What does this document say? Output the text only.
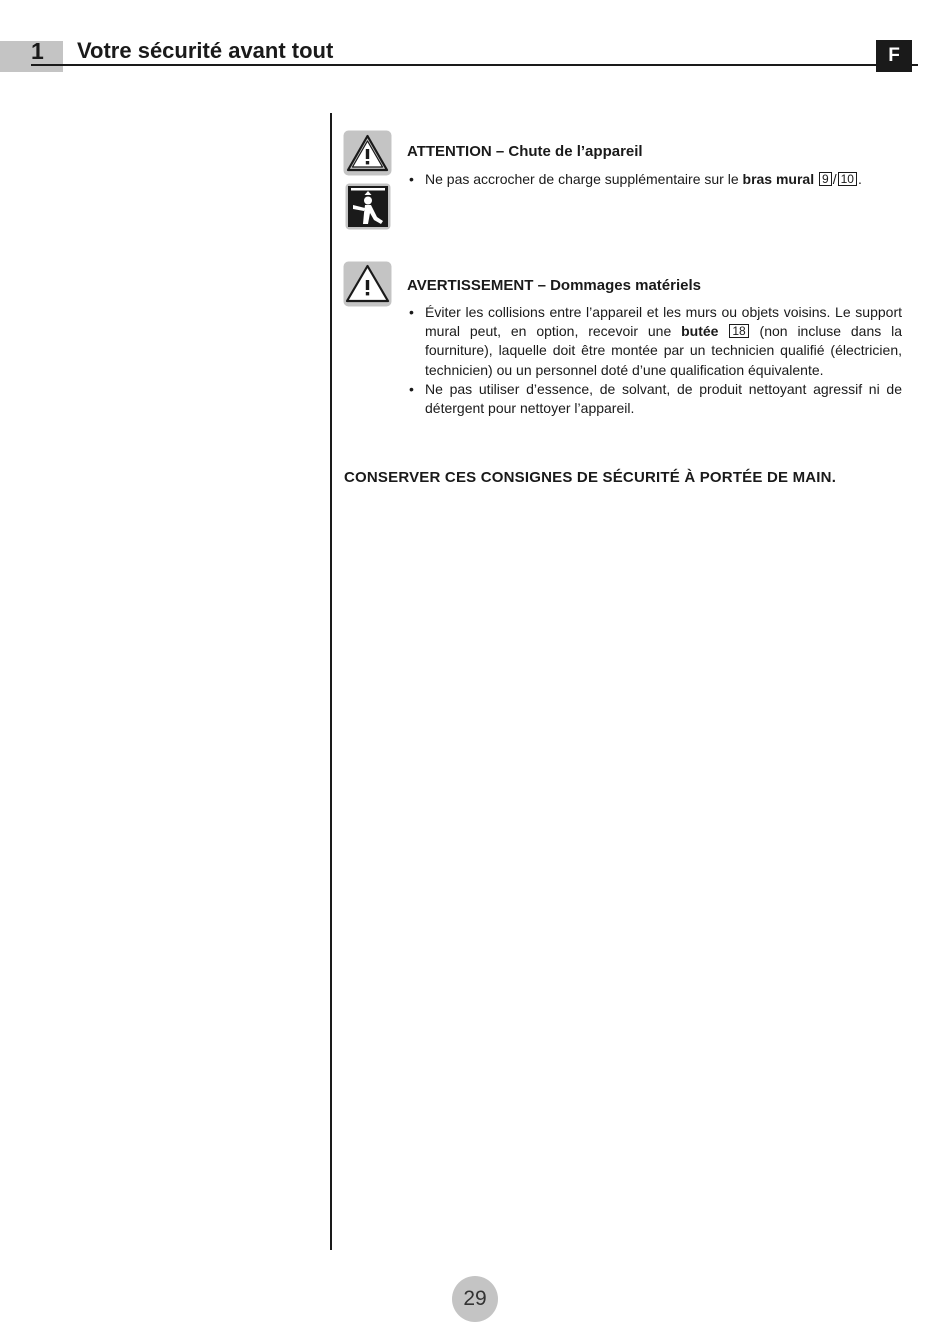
1 Votre sécurité avant tout	F
ATTENTION – Chute de l’appareil
• Ne pas accrocher de charge supplémentaire sur le bras mural 9 / 10 .
AVERTISSEMENT – Dommages matériels
• Éviter les collisions entre l’appareil et les murs ou objets voisins. Le support mural peut, en option, recevoir une butée 18 (non incluse dans la fourniture), laquelle doit être montée par un technicien qualifié (électricien, technicien) ou un personnel doté d’une qualification équivalente.
• Ne pas utiliser d’essence, de solvant, de produit nettoyant agressif ni de détergent pour nettoyer l’appareil.
CONSERVER CES CONSIGNES DE SÉCURITÉ À PORTÉE DE MAIN.
29
